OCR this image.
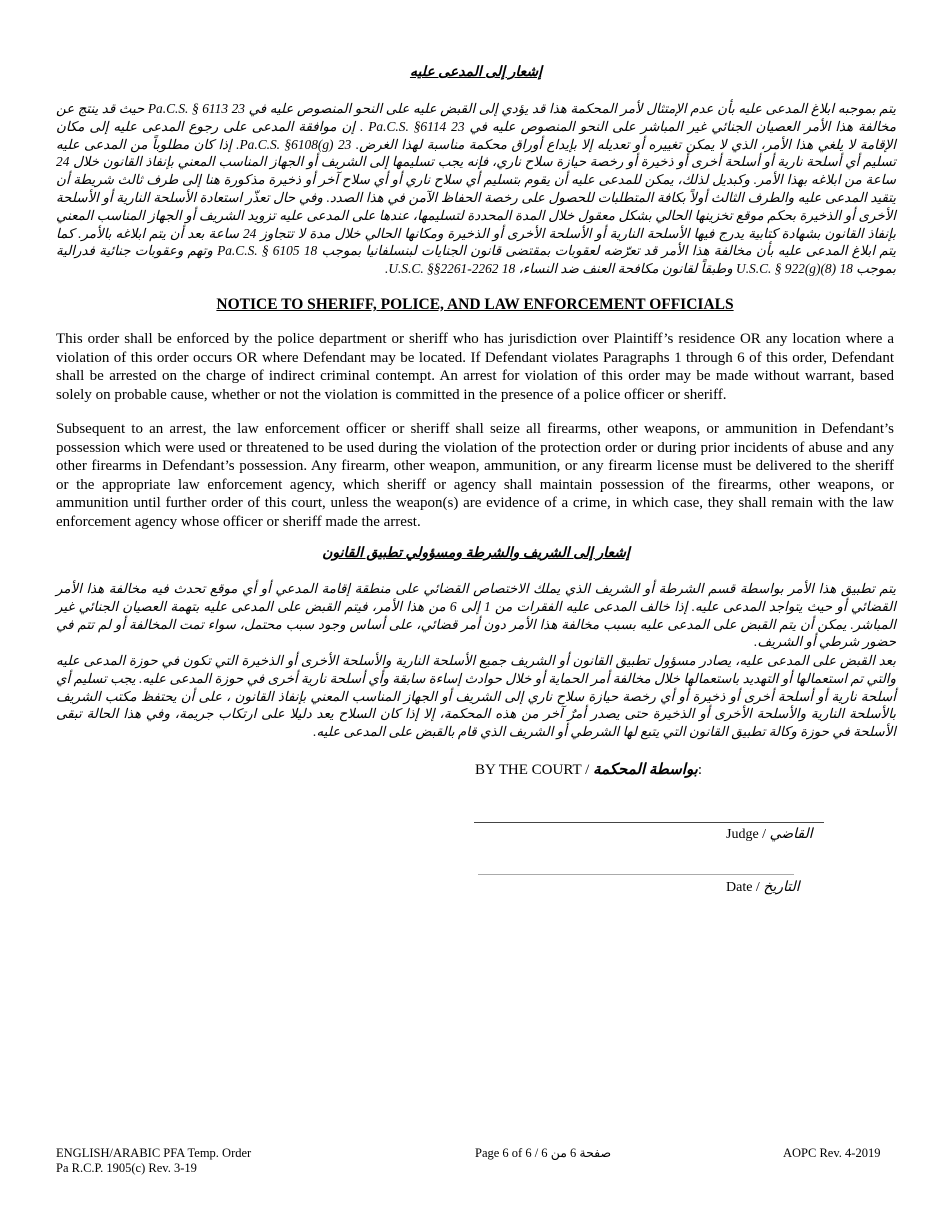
إشعار إلى المدعى عليه
يتم بموجبه ابلاغ المدعى عليه بأن عدم الإمتثال لأمر المحكمة هذا قد يؤدي إلى القبض عليه على النحو المنصوص عليه في 23 Pa.C.S. § 6113 حيث قد ينتج عن مخالفة هذا الأمر العصيان الجنائي غير المباشر على النحو المنصوص عليه في 23 Pa.C.S. §6114 . إن موافقة المدعى على رجوع المدعى عليه إلى مكان الإقامة لا يلغي هذا الأمر، الذي لا يمكن تغييره أو تعديله إلا بإيداع أوراق محكمة مناسبة لهذا الغرض. 23 Pa.C.S. §6108(g). إذا كان مطلوباً من المدعى عليه تسليم أي أسلحة نارية أو أسلحة أخرى أو ذخيرة أو رخصة حيازة سلاح ناري، فإنه يجب تسليمها إلى الشريف أو الجهاز المناسب المعني بإنفاذ القانون خلال 24 ساعة من ابلاغه بهذا الأمر. وكبديل لذلك، يمكن للمدعى عليه أن يقوم بتسليم أي سلاح ناري أو أي سلاح آخر أو ذخيرة مذكورة هنا إلى طرف ثالث شريطة أن يتقيد المدعى عليه والطرف الثالث أولاً بكافة المتطلبات للحصول على رخصة الحفاظ الآمن في هذا الصدد. وفي حال تعذّر استعادة الأسلحة النارية أو الأسلحة الأخرى أو الذخيرة بحكم موقع تخزينها الحالي بشكل معقول خلال المدة المحددة لتسليمها، عندها على المدعى عليه تزويد الشريف أو الجهاز المناسب المعني بإنفاذ القانون بشهادة كتابية يدرج فيها الأسلحة النارية أو الأسلحة الأخرى أو الذخيرة ومكانها الحالي خلال مدة لا تتجاوز 24 ساعة بعد أن يتم ابلاغه بالأمر. كما يتم ابلاغ المدعى عليه بأن مخالفة هذا الأمر قد تعرّضه لعقوبات بمقتضى قانون الجنايات لبنسلفانيا بموجب 18 Pa.C.S. § 6105 وتهم وعقوبات جنائية فدرالية بموجب 18 U.S.C. § 922(g)(8) وطبقاً لقانون مكافحة العنف ضد النساء، 18 U.S.C. §§2261-2262.
NOTICE TO SHERIFF, POLICE, AND LAW ENFORCEMENT OFFICIALS
This order shall be enforced by the police department or sheriff who has jurisdiction over Plaintiff’s residence OR any location where a violation of this order occurs OR where Defendant may be located. If Defendant violates Paragraphs 1 through 6 of this order, Defendant shall be arrested on the charge of indirect criminal contempt. An arrest for violation of this order may be made without warrant, based solely on probable cause, whether or not the violation is committed in the presence of a police officer or sheriff.
Subsequent to an arrest, the law enforcement officer or sheriff shall seize all firearms, other weapons, or ammunition in Defendant’s possession which were used or threatened to be used during the violation of the protection order or during prior incidents of abuse and any other firearms in Defendant’s possession. Any firearm, other weapon, ammunition, or any firearm license must be delivered to the sheriff or the appropriate law enforcement agency, which sheriff or agency shall maintain possession of the firearms, other weapons, or ammunition until further order of this court, unless the weapon(s) are evidence of a crime, in which case, they shall remain with the law enforcement agency whose officer or sheriff made the arrest.
إشعار إلى الشريف والشرطة ومسؤولي تطبيق القانون
يتم تطبيق هذا الأمر بواسطة قسم الشرطة أو الشريف الذي يملك الاختصاص القضائي على منطقة إقامة المدعي أو أي موقع تحدث فيه مخالفة هذا الأمر القضائي أو حيث يتواجد المدعى عليه. إذا خالف المدعى عليه الفقرات من 1 إلى 6 من هذا الأمر، فيتم القبض على المدعى عليه بتهمة العصيان الجنائي غير المباشر. يمكن أن يتم القبض على المدعى عليه بسبب مخالفة هذا الأمر دون أمر قضائي، على أساس وجود سبب محتمل، سواء تمت المخالفة أو لم تتم في حضور شرطي أو الشريف.
بعد القبض على المدعى عليه، يصادر مسؤول تطبيق القانون أو الشريف جميع الأسلحة النارية والأسلحة الأخرى أو الذخيرة التي تكون في حوزة المدعى عليه والتي تم استعمالها أو التهديد باستعمالها خلال مخالفة أمر الحماية أو خلال حوادث إساءة سابقة وأي أسلحة نارية أخرى في حوزة المدعى عليه. يجب تسليم أي أسلحة نارية أو أسلحة أخرى أو ذخيرة أو أي رخصة حيازة سلاح ناري إلى الشريف أو الجهاز المناسب المعني بإنفاذ القانون ، على أن يحتفظ مكتب الشريف بالأسلحة النارية والأسلحة الأخرى أو الذخيرة حتى يصدر أمرٌ آخر من هذه المحكمة، إلا إذا كان السلاح يعد دليلا على ارتكاب جريمة، وفي هذا الحالة تبقى الأسلحة في حوزة وكالة تطبيق القانون التي يتبع لها الشرطي أو الشريف الذي قام بالقبض على المدعى عليه.
BY THE COURT / بواسطة المحكمة:
Judge / القاضي
Date / التاريخ
ENGLISH/ARABIC PFA Temp. Order
Pa R.C.P. 1905(c) Rev. 3-19
Page 6 of 6 / 6 صفحة 6 من	AOPC Rev. 4-2019
